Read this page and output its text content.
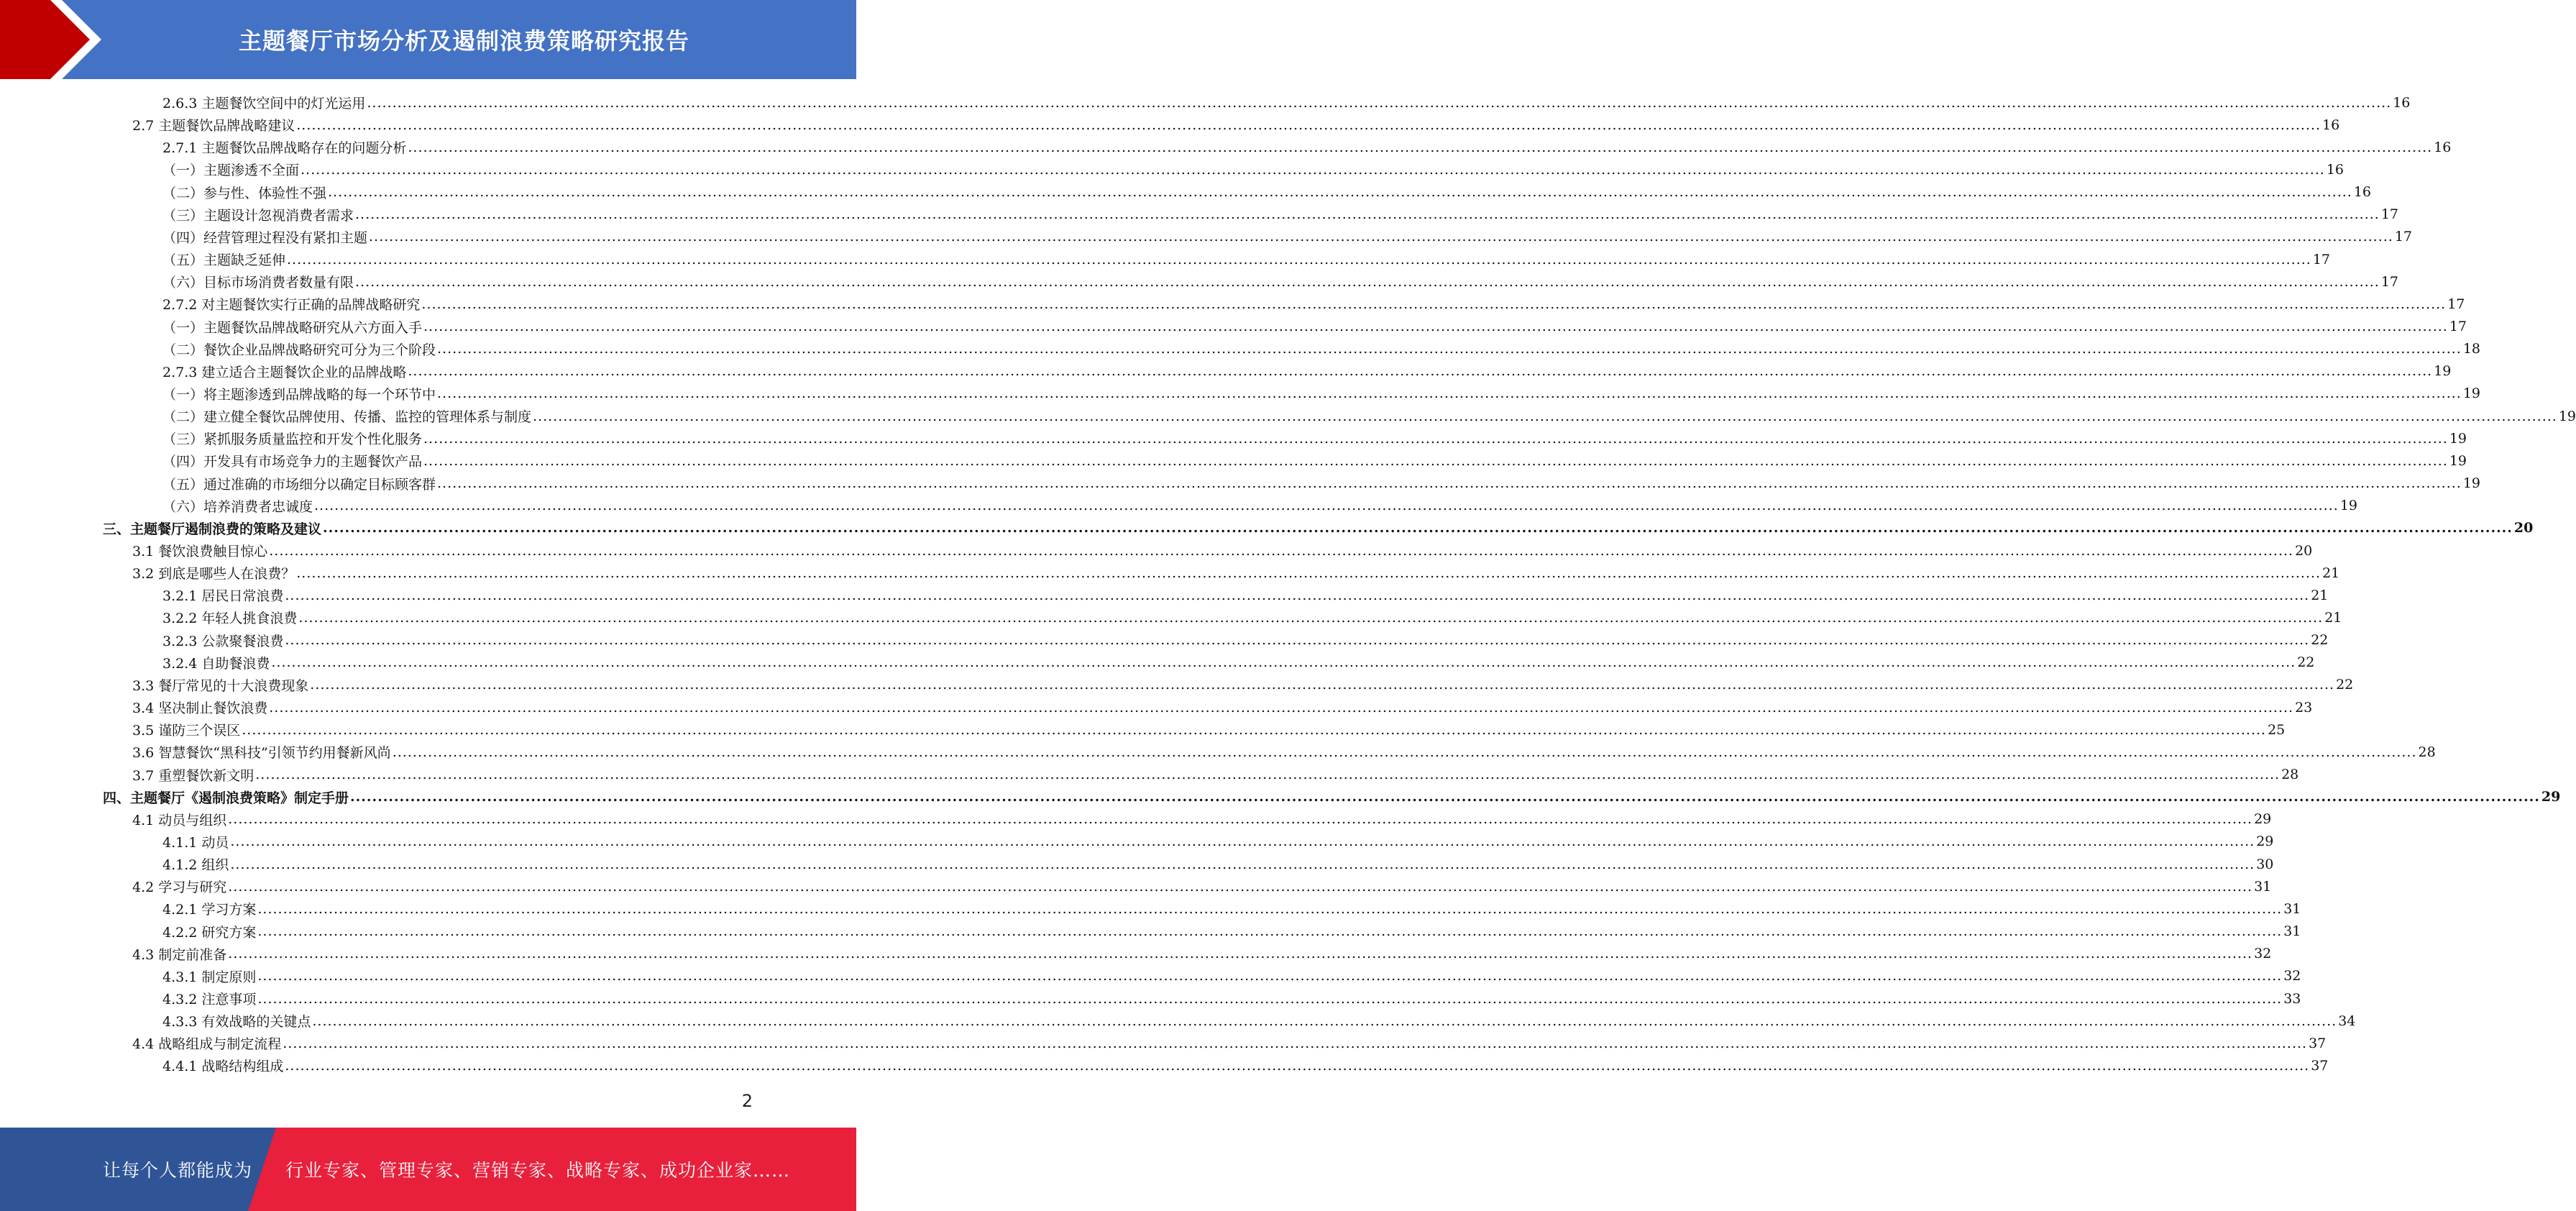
主题餐厅市场分析及遏制浪费策略研究报告
2.6.3 主题餐饮空间中的灯光运用 ................................................................................................................................................................................................................................................................................................................................................................................................................ 16
2.7 主题餐饮品牌战略建议 ................................................................................................................................................................................................................................................................................................................................................................................................................ 16
2.7.1 主题餐饮品牌战略存在的问题分析 ................................................................................................................................................................................................................................................................................................................................................................................................................ 16
（一）主题渗透不全面 ................................................................................................................................................................................................................................................................................................................................................................................................................ 16
（二）参与性、体验性不强 ................................................................................................................................................................................................................................................................................................................................................................................................................ 16
（三）主题设计忽视消费者需求 ................................................................................................................................................................................................................................................................................................................................................................................................................ 17
（四）经营管理过程没有紧扣主题 ................................................................................................................................................................................................................................................................................................................................................................................................................ 17
（五）主题缺乏延伸 ................................................................................................................................................................................................................................................................................................................................................................................................................ 17
（六）目标市场消费者数量有限 ................................................................................................................................................................................................................................................................................................................................................................................................................ 17
2.7.2 对主题餐饮实行正确的品牌战略研究 ................................................................................................................................................................................................................................................................................................................................................................................................................ 17
（一）主题餐饮品牌战略研究从六方面入手 ................................................................................................................................................................................................................................................................................................................................................................................................................ 17
（二）餐饮企业品牌战略研究可分为三个阶段 ................................................................................................................................................................................................................................................................................................................................................................................................................ 18
2.7.3 建立适合主题餐饮企业的品牌战略 ................................................................................................................................................................................................................................................................................................................................................................................................................ 19
（一）将主题渗透到品牌战略的每一个环节中 ................................................................................................................................................................................................................................................................................................................................................................................................................ 19
（二）建立健全餐饮品牌使用、传播、监控的管理体系与制度 ................................................................................................................................................................................................................................................................................................................................................................................................................ 19
（三）紧抓服务质量监控和开发个性化服务 ................................................................................................................................................................................................................................................................................................................................................................................................................ 19
（四）开发具有市场竞争力的主题餐饮产品 ................................................................................................................................................................................................................................................................................................................................................................................................................ 19
（五）通过准确的市场细分以确定目标顾客群 ................................................................................................................................................................................................................................................................................................................................................................................................................ 19
（六）培养消费者忠诚度 ................................................................................................................................................................................................................................................................................................................................................................................................................ 19
三、主题餐厅遏制浪费的策略及建议 ................................................................................................................................................................................................................................................................................................................................................................................................................ 20
3.1 餐饮浪费触目惊心 ................................................................................................................................................................................................................................................................................................................................................................................................................ 20
3.2 到底是哪些人在浪费？ ................................................................................................................................................................................................................................................................................................................................................................................................................ 21
3.2.1 居民日常浪费 ................................................................................................................................................................................................................................................................................................................................................................................................................ 21
3.2.2 年轻人挑食浪费 ................................................................................................................................................................................................................................................................................................................................................................................................................ 21
3.2.3 公款聚餐浪费 ................................................................................................................................................................................................................................................................................................................................................................................................................ 22
3.2.4 自助餐浪费 ................................................................................................................................................................................................................................................................................................................................................................................................................ 22
3.3 餐厅常见的十大浪费现象 ................................................................................................................................................................................................................................................................................................................................................................................................................ 22
3.4 坚决制止餐饮浪费 ................................................................................................................................................................................................................................................................................................................................................................................................................ 23
3.5 谨防三个误区 ................................................................................................................................................................................................................................................................................................................................................................................................................ 25
3.6 智慧餐饮“黑科技”引领节约用餐新风尚 ................................................................................................................................................................................................................................................................................................................................................................................................................ 28
3.7 重塑餐饮新文明 ................................................................................................................................................................................................................................................................................................................................................................................................................ 28
四、主题餐厅《遏制浪费策略》制定手册 ................................................................................................................................................................................................................................................................................................................................................................................................................ 29
4.1 动员与组织 ................................................................................................................................................................................................................................................................................................................................................................................................................ 29
4.1.1 动员 ................................................................................................................................................................................................................................................................................................................................................................................................................ 29
4.1.2 组织 ................................................................................................................................................................................................................................................................................................................................................................................................................ 30
4.2 学习与研究 ................................................................................................................................................................................................................................................................................................................................................................................................................ 31
4.2.1 学习方案 ................................................................................................................................................................................................................................................................................................................................................................................................................ 31
4.2.2 研究方案 ................................................................................................................................................................................................................................................................................................................................................................................................................ 31
4.3 制定前准备 ................................................................................................................................................................................................................................................................................................................................................................................................................ 32
4.3.1 制定原则 ................................................................................................................................................................................................................................................................................................................................................................................................................ 32
4.3.2 注意事项 ................................................................................................................................................................................................................................................................................................................................................................................................................ 33
4.3.3 有效战略的关键点 ................................................................................................................................................................................................................................................................................................................................................................................................................ 34
4.4 战略组成与制定流程 ................................................................................................................................................................................................................................................................................................................................................................................................................ 37
4.4.1 战略结构组成 ................................................................................................................................................................................................................................................................................................................................................................................................................ 37
2
让每个人都能成为 行业专家、管理专家、营销专家、战略专家、成功企业家……
